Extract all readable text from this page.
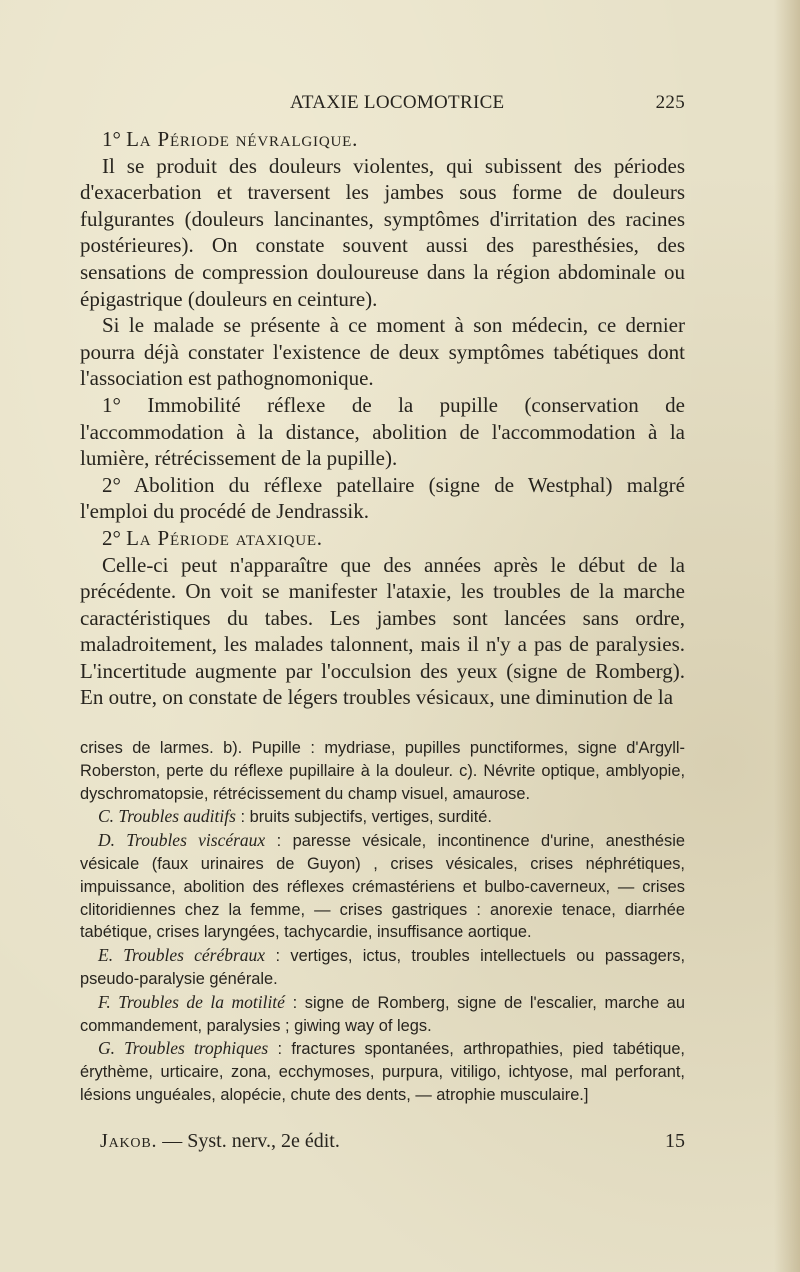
ATAXIE LOCOMOTRICE	225

1° La Période névralgique.

Il se produit des douleurs violentes, qui subissent des périodes d'exacerbation et traversent les jambes sous forme de douleurs fulgurantes (douleurs lancinantes, symptômes d'irritation des racines postérieures). On constate souvent aussi des paresthésies, des sensations de compression douloureuse dans la région abdominale ou épigastrique (douleurs en ceinture).

Si le malade se présente à ce moment à son médecin, ce dernier pourra déjà constater l'existence de deux symptômes tabétiques dont l'association est pathognomonique.

1° Immobilité réflexe de la pupille (conservation de l'accommodation à la distance, abolition de l'accommodation à la lumière, rétrécissement de la pupille).

2° Abolition du réflexe patellaire (signe de Westphal) malgré l'emploi du procédé de Jendrassik.

2° La Période ataxique.

Celle-ci peut n'apparaître que des années après le début de la précédente. On voit se manifester l'ataxie, les troubles de la marche caractéristiques du tabes. Les jambes sont lancées sans ordre, maladroitement, les malades talonnent, mais il n'y a pas de paralysies. L'incertitude augmente par l'occulsion des yeux (signe de Romberg). En outre, on constate de légers troubles vésicaux, une diminution de la

crises de larmes. b). Pupille : mydriase, pupilles punctiformes, signe d'Argyll-Roberston, perte du réflexe pupillaire à la douleur. c). Névrite optique, amblyopie, dyschromatopsie, rétrécissement du champ visuel, amaurose.

C. Troubles auditifs : bruits subjectifs, vertiges, surdité.

D. Troubles viscéraux : paresse vésicale, incontinence d'urine, anesthésie vésicale (faux urinaires de Guyon) , crises vésicales, crises néphrétiques, impuissance, abolition des réflexes crémastériens et bulbo-caverneux, — crises clitoridiennes chez la femme, — crises gastriques : anorexie tenace, diarrhée tabétique, crises laryngées, tachycardie, insuffisance aortique.

E. Troubles cérébraux : vertiges, ictus, troubles intellectuels ou passagers, pseudo-paralysie générale.

F. Troubles de la motilité : signe de Romberg, signe de l'escalier, marche au commandement, paralysies ; giwing way of legs.

G. Troubles trophiques : fractures spontanées, arthropathies, pied tabétique, érythème, urticaire, zona, ecchymoses, purpura, vitiligo, ichtyose, mal perforant, lésions unguéales, alopécie, chute des dents, — atrophie musculaire.]

Jakob. — Syst. nerv., 2e édit.	15
